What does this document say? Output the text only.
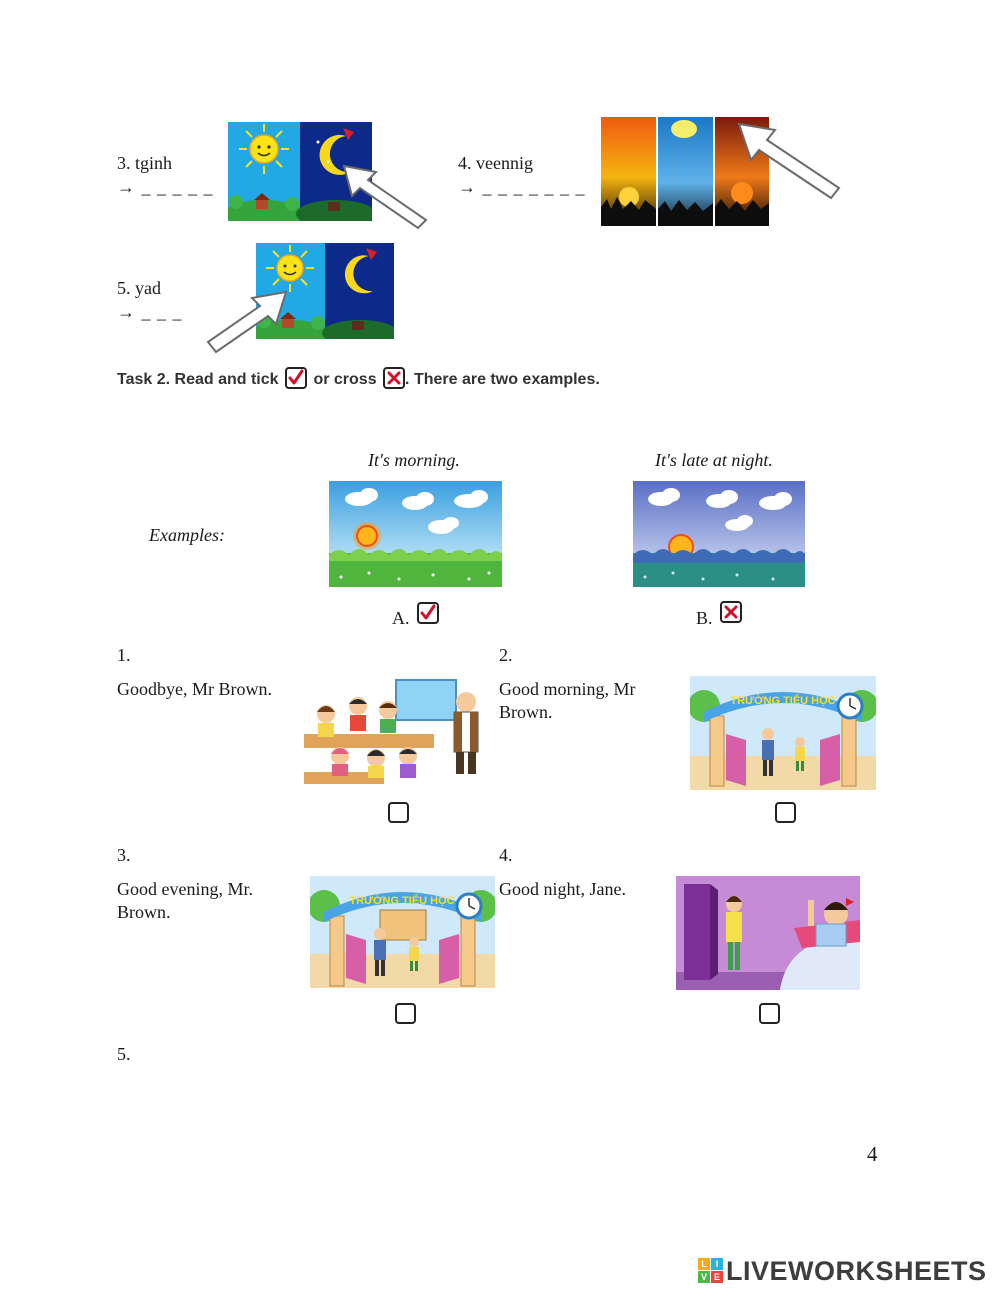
3. tginh
→ _ _ _ _ _
4. veennig
→ _ _ _ _ _ _ _
5. yad
→ _ _ _
Task 2. Read and tick or cross . There are two examples.
It's morning.	It's late at night.
Examples:
A.	B.
1.
Goodbye, Mr Brown.
2.
Good morning, Mr
Brown.
TRƯỜNG TIỂU HỌC
3.
Good evening, Mr.
Brown.
TRƯỜNG TIỂU HỌC
4.
Good night, Jane.
5.
4
L I
V E LIVEWORKSHEETS
